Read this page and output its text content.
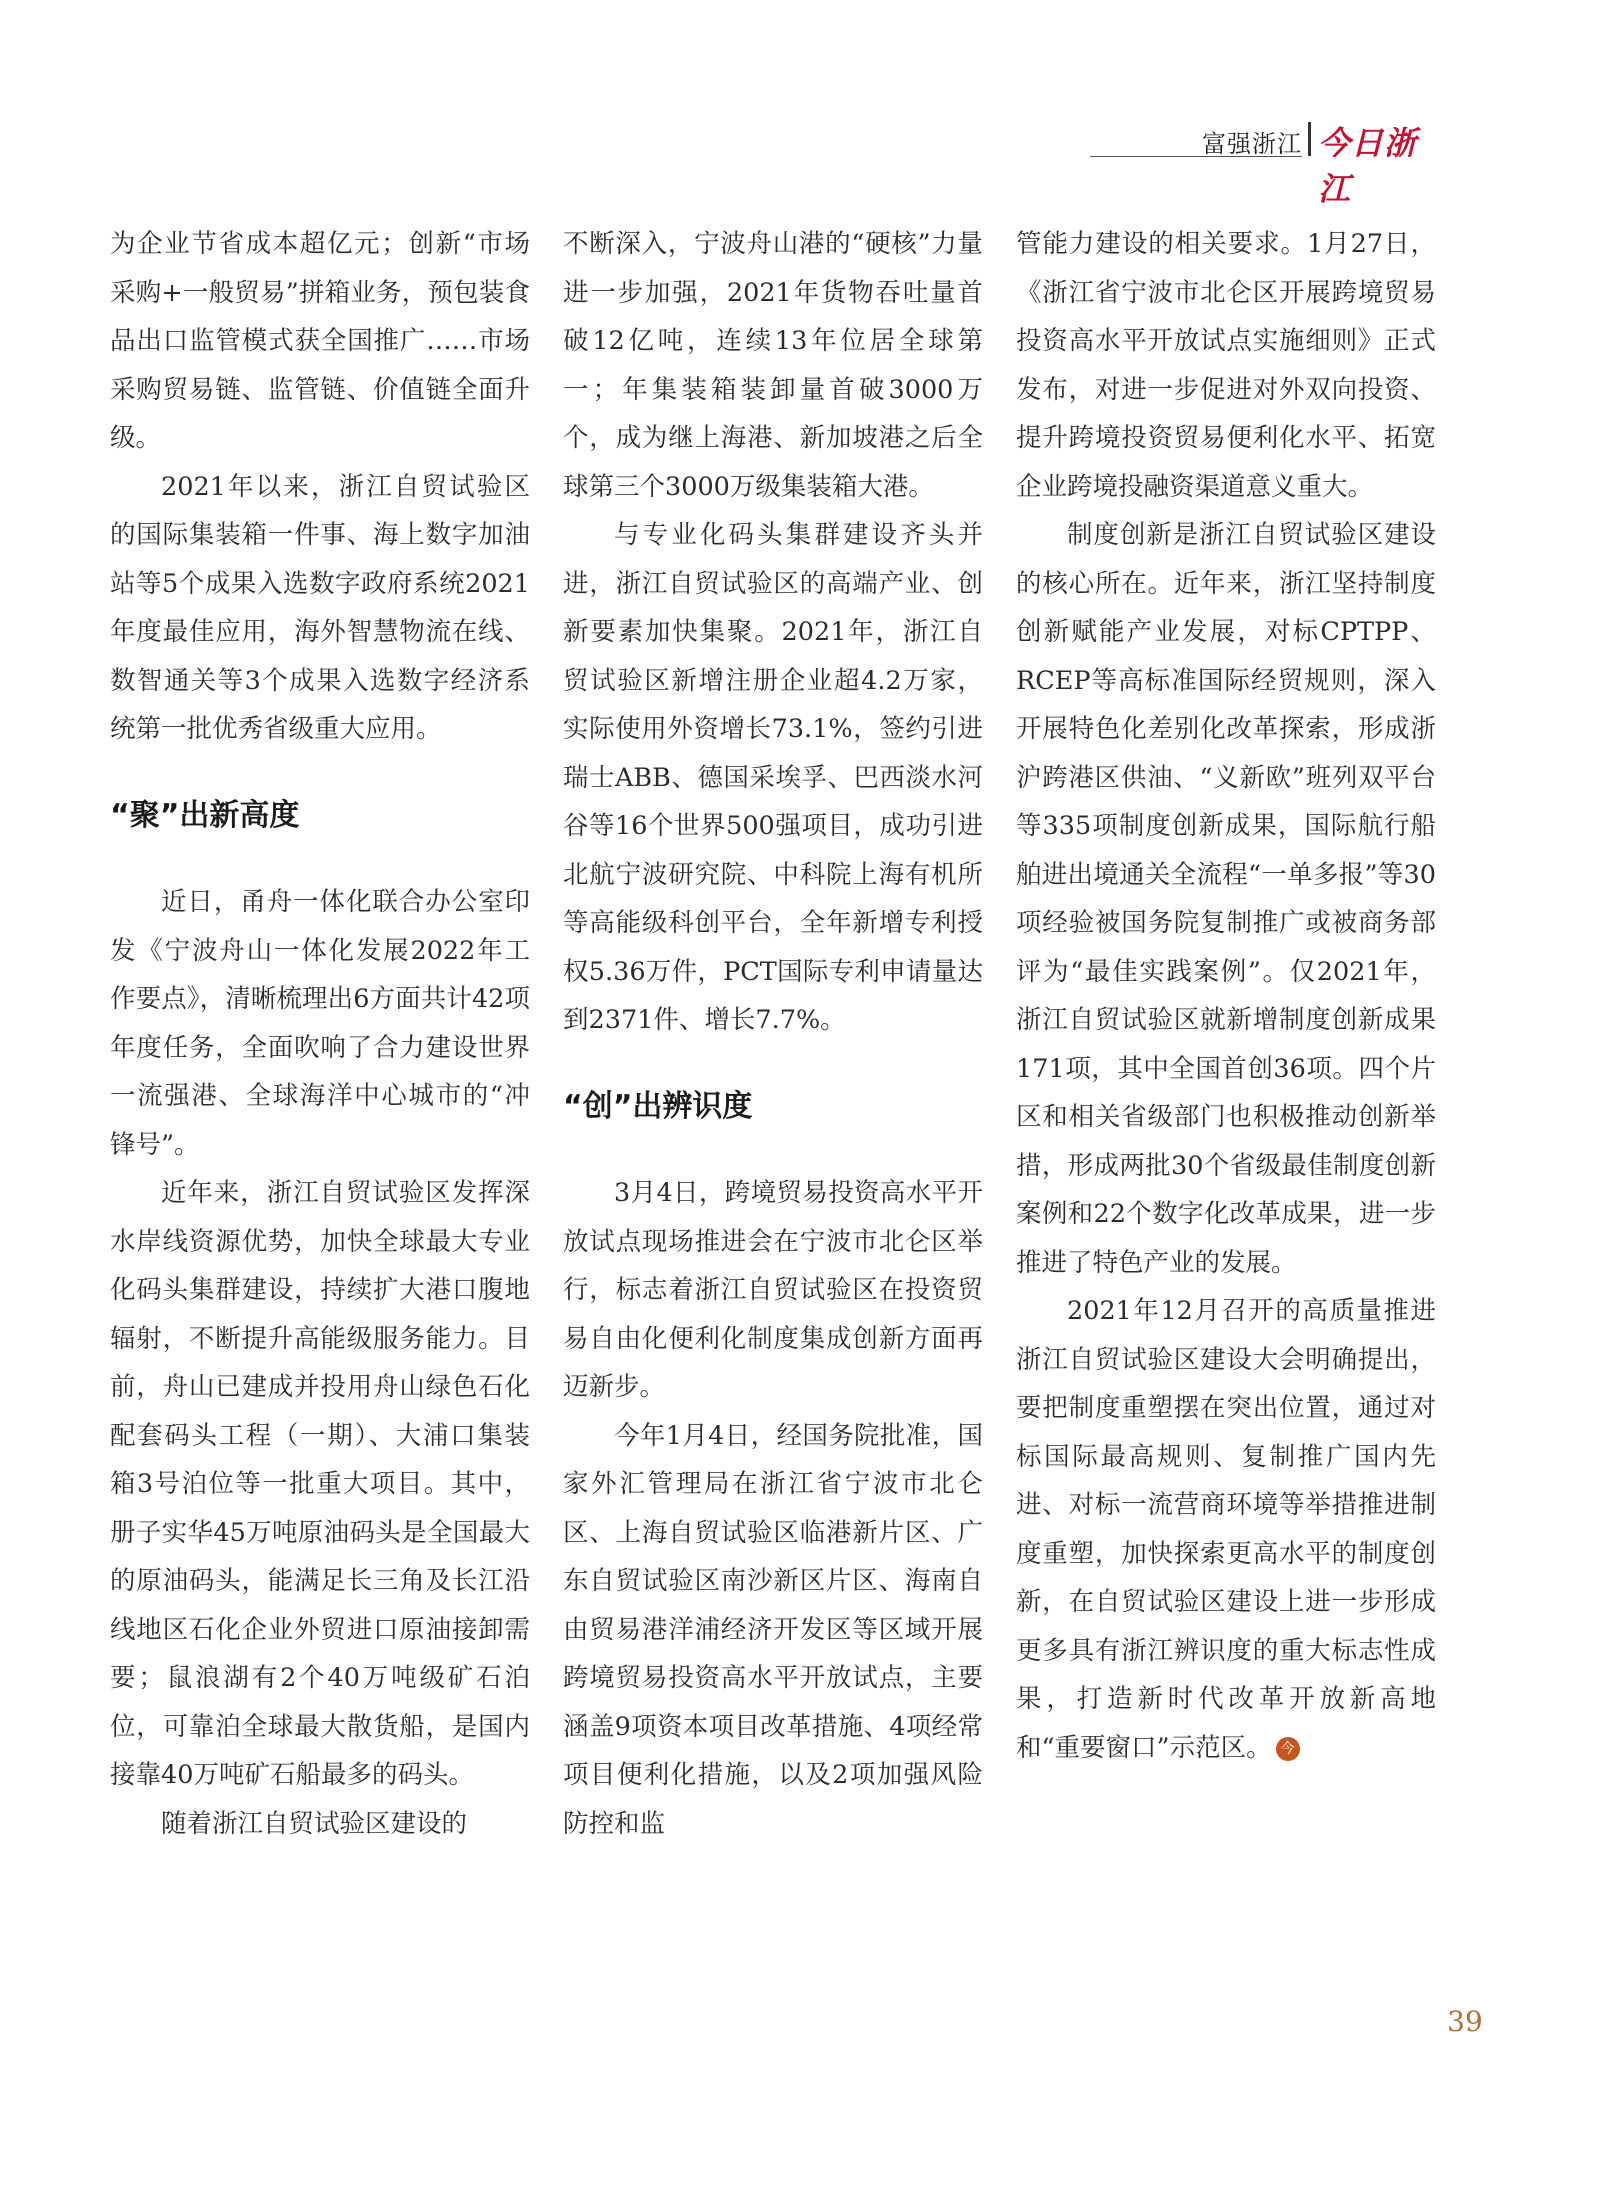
富强浙江 今日浙江

为企业节省成本超亿元；创新“市场采购+一般贸易”拼箱业务，预包装食品出口监管模式获全国推广……市场采购贸易链、监管链、价值链全面升级。

2021年以来，浙江自贸试验区的国际集装箱一件事、海上数字加油站等5个成果入选数字政府系统2021年度最佳应用，海外智慧物流在线、数智通关等3个成果入选数字经济系统第一批优秀省级重大应用。

“聚”出新高度

近日，甬舟一体化联合办公室印发《宁波舟山一体化发展2022年工作要点》，清晰梳理出6方面共计42项年度任务，全面吹响了合力建设世界一流强港、全球海洋中心城市的“冲锋号”。

近年来，浙江自贸试验区发挥深水岸线资源优势，加快全球最大专业化码头集群建设，持续扩大港口腹地辐射，不断提升高能级服务能力。目前，舟山已建成并投用舟山绿色石化配套码头工程（一期）、大浦口集装箱3号泊位等一批重大项目。其中，册子实华45万吨原油码头是全国最大的原油码头，能满足长三角及长江沿线地区石化企业外贸进口原油接卸需要；鼠浪湖有2个40万吨级矿石泊位，可靠泊全球最大散货船，是国内接靠40万吨矿石船最多的码头。

随着浙江自贸试验区建设的

不断深入，宁波舟山港的“硬核”力量进一步加强，2021年货物吞吐量首破12亿吨，连续13年位居全球第一；年集装箱装卸量首破3000万个，成为继上海港、新加坡港之后全球第三个3000万级集装箱大港。

与专业化码头集群建设齐头并进，浙江自贸试验区的高端产业、创新要素加快集聚。2021年，浙江自贸试验区新增注册企业超4.2万家，实际使用外资增长73.1%，签约引进瑞士ABB、德国采埃孚、巴西淡水河谷等16个世界500强项目，成功引进北航宁波研究院、中科院上海有机所等高能级科创平台，全年新增专利授权5.36万件，PCT国际专利申请量达到2371件、增长7.7%。

“创”出辨识度

3月4日，跨境贸易投资高水平开放试点现场推进会在宁波市北仑区举行，标志着浙江自贸试验区在投资贸易自由化便利化制度集成创新方面再迈新步。

今年1月4日，经国务院批准，国家外汇管理局在浙江省宁波市北仑区、上海自贸试验区临港新片区、广东自贸试验区南沙新区片区、海南自由贸易港洋浦经济开发区等区域开展跨境贸易投资高水平开放试点，主要涵盖9项资本项目改革措施、4项经常项目便利化措施，以及2项加强风险防控和监

管能力建设的相关要求。1月27日，《浙江省宁波市北仑区开展跨境贸易投资高水平开放试点实施细则》正式发布，对进一步促进对外双向投资、提升跨境投资贸易便利化水平、拓宽企业跨境投融资渠道意义重大。

制度创新是浙江自贸试验区建设的核心所在。近年来，浙江坚持制度创新赋能产业发展，对标CPTPP、RCEP等高标准国际经贸规则，深入开展特色化差别化改革探索，形成浙沪跨港区供油、“义新欧”班列双平台等335项制度创新成果，国际航行船舶进出境通关全流程“一单多报”等30项经验被国务院复制推广或被商务部评为“最佳实践案例”。仅2021年，浙江自贸试验区就新增制度创新成果171项，其中全国首创36项。四个片区和相关省级部门也积极推动创新举措，形成两批30个省级最佳制度创新案例和22个数字化改革成果，进一步推进了特色产业的发展。

2021年12月召开的高质量推进浙江自贸试验区建设大会明确提出，要把制度重塑摆在突出位置，通过对标国际最高规则、复制推广国内先进、对标一流营商环境等举措推进制度重塑，加快探索更高水平的制度创新，在自贸试验区建设上进一步形成更多具有浙江辨识度的重大标志性成果，打造新时代改革开放新高地和“重要窗口”示范区。 今

39
